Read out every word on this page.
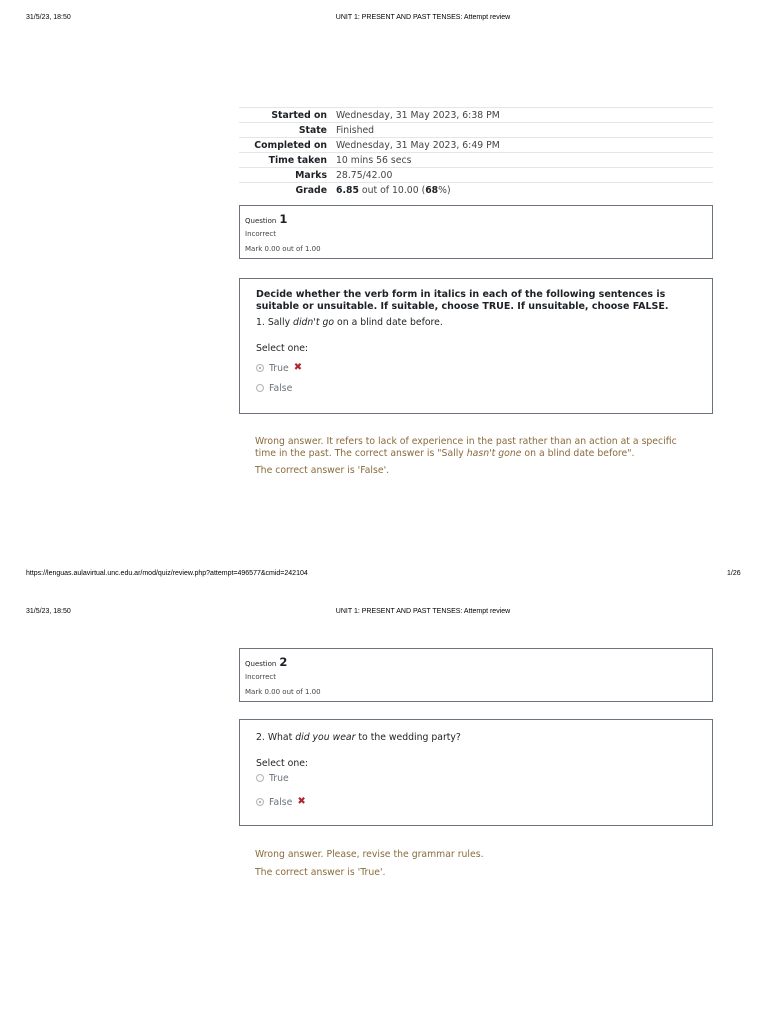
31/5/23, 18:50	UNIT 1: PRESENT AND PAST TENSES: Attempt review
Started on Wednesday, 31 May 2023, 6:38 PM
State Finished
Completed on Wednesday, 31 May 2023, 6:49 PM
Time taken 10 mins 56 secs
Marks 28.75/42.00
Grade 6.85 out of 10.00 (68%)
Question 1
Incorrect
Mark 0.00 out of 1.00
Decide whether the verb form in italics in each of the following sentences is suitable or unsuitable. If suitable, choose TRUE. If unsuitable, choose FALSE.
1. Sally didn't go on a blind date before.
Select one:
True ✖
False

Wrong answer. It refers to lack of experience in the past rather than an action at a specific time in the past. The correct answer is "Sally hasn't gone on a blind date before".

The correct answer is 'False'.

https://lenguas.aulavirtual.unc.edu.ar/mod/quiz/review.php?attempt=496577&cmid=242104	1/26
31/5/23, 18:50	UNIT 1: PRESENT AND PAST TENSES: Attempt review
Question 2
Incorrect
Mark 0.00 out of 1.00
2. What did you wear to the wedding party?
Select one:
True
False ✖

Wrong answer. Please, revise the grammar rules.

The correct answer is 'True'.
